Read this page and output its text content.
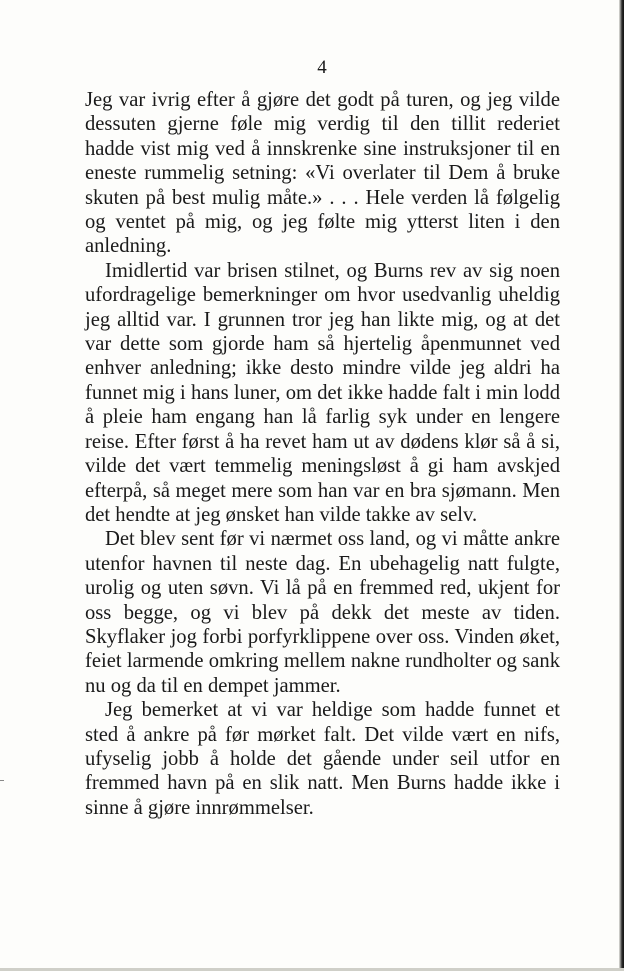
4

Jeg var ivrig efter å gjøre det godt på turen, og jeg vilde dessuten gjerne føle mig verdig til den tillit rederiet hadde vist mig ved å innskrenke sine instruksjoner til en eneste rummelig setning: «Vi overlater til Dem å bruke skuten på best mulig måte.» . . . Hele verden lå følgelig og ventet på mig, og jeg følte mig ytterst liten i den anledning.

Imidlertid var brisen stilnet, og Burns rev av sig noen ufordragelige bemerkninger om hvor usedvanlig uheldig jeg alltid var. I grunnen tror jeg han likte mig, og at det var dette som gjorde ham så hjertelig åpenmunnet ved enhver anledning; ikke desto mindre vilde jeg aldri ha funnet mig i hans luner, om det ikke hadde falt i min lodd å pleie ham engang han lå farlig syk under en lengere reise. Efter først å ha revet ham ut av dødens klør så å si, vilde det vært temmelig meningsløst å gi ham avskjed efterpå, så meget mere som han var en bra sjømann. Men det hendte at jeg ønsket han vilde takke av selv.

Det blev sent før vi nærmet oss land, og vi måtte ankre utenfor havnen til neste dag. En ubehagelig natt fulgte, urolig og uten søvn. Vi lå på en fremmed red, ukjent for oss begge, og vi blev på dekk det meste av tiden. Skyflaker jog forbi porfyrklippene over oss. Vinden øket, feiet larmende omkring mellem nakne rundholter og sank nu og da til en dempet jammer.

Jeg bemerket at vi var heldige som hadde funnet et sted å ankre på før mørket falt. Det vilde vært en nifs, ufyselig jobb å holde det gående under seil utfor en fremmed havn på en slik natt. Men Burns hadde ikke i sinne å gjøre innrømmelser.
